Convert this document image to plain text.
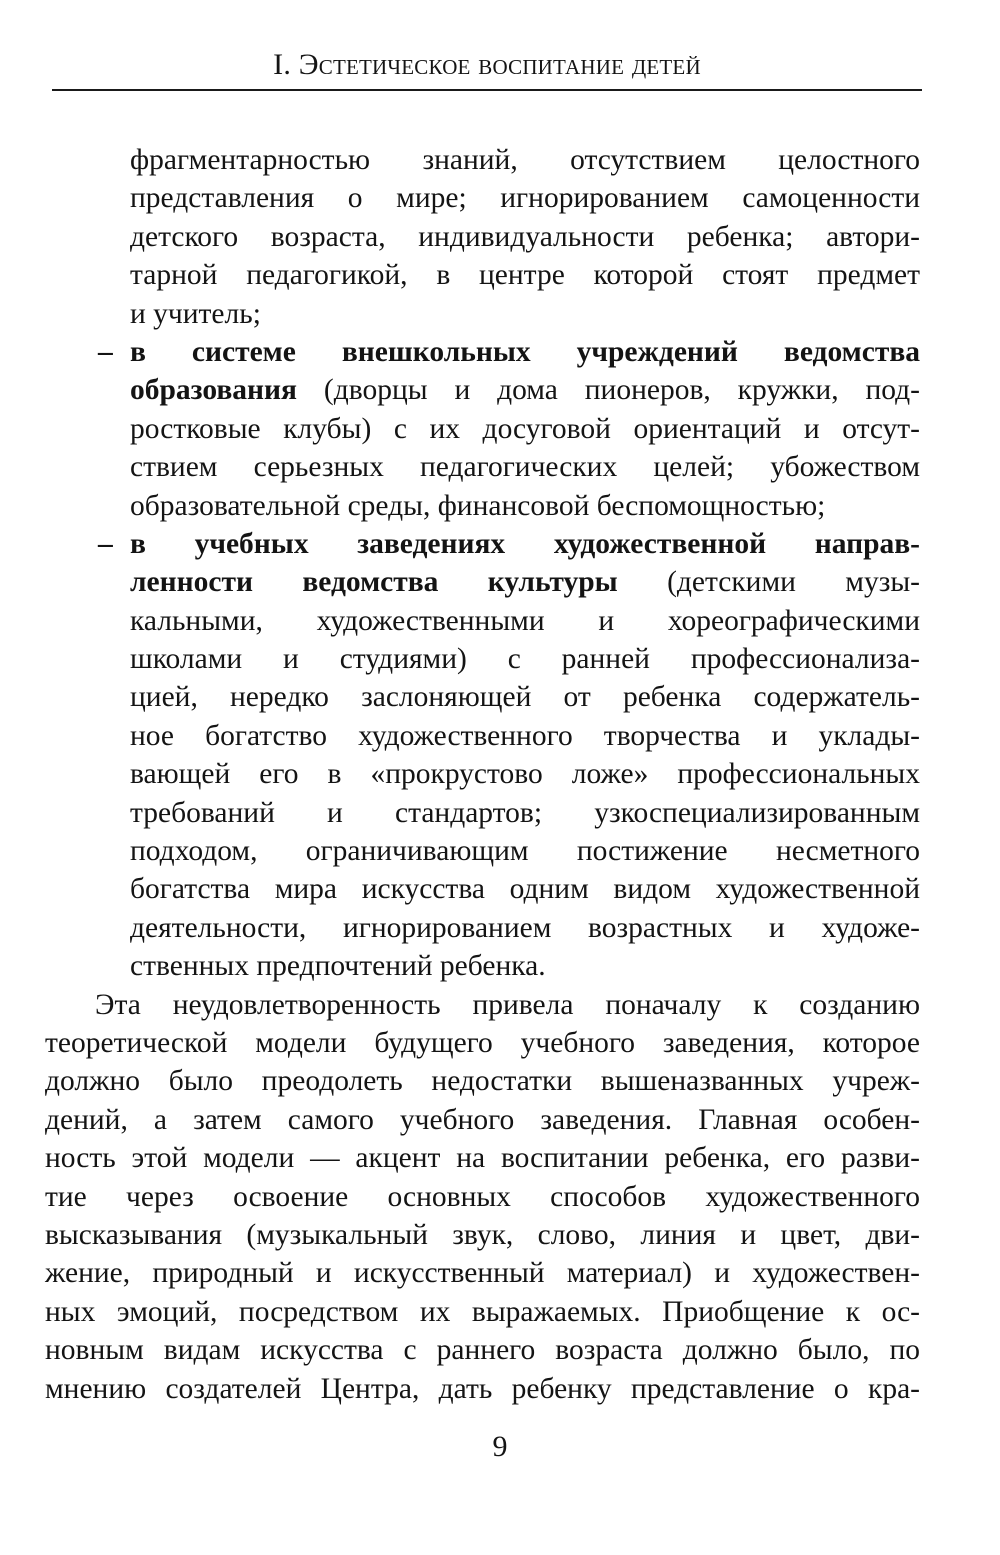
I. Эстетическое воспитание детей
фрагментарностью знаний, отсутствием целостного
представления о мире; игнорированием самоценности
детского возраста, индивидуальности ребенка; автори-
тарной педагогикой, в центре которой стоят предмет
и учитель;
– в системе внешкольных учреждений ведомства
образования (дворцы и дома пионеров, кружки, под-
ростковые клубы) с их досуговой ориентаций и отсут-
ствием серьезных педагогических целей; убожеством
образовательной среды, финансовой беспомощностью;
– в учебных заведениях художественной направ-
ленности ведомства культуры (детскими музы-
кальными, художественными и хореографическими
школами и студиями) с ранней профессионализа-
цией, нередко заслоняющей от ребенка содержатель-
ное богатство художественного творчества и уклады-
вающей его в «прокрустово ложе» профессиональных
требований и стандартов; узкоспециализированным
подходом, ограничивающим постижение несметного
богатства мира искусства одним видом художественной
деятельности, игнорированием возрастных и художе-
ственных предпочтений ребенка.
Эта неудовлетворенность привела поначалу к созданию
теоретической модели будущего учебного заведения, которое
должно было преодолеть недостатки вышеназванных учреж-
дений, а затем самого учебного заведения. Главная особен-
ность этой модели — акцент на воспитании ребенка, его разви-
тие через освоение основных способов художественного
высказывания (музыкальный звук, слово, линия и цвет, дви-
жение, природный и искусственный материал) и художествен-
ных эмоций, посредством их выражаемых. Приобщение к ос-
новным видам искусства с раннего возраста должно было, по
мнению создателей Центра, дать ребенку представление о кра-
9
